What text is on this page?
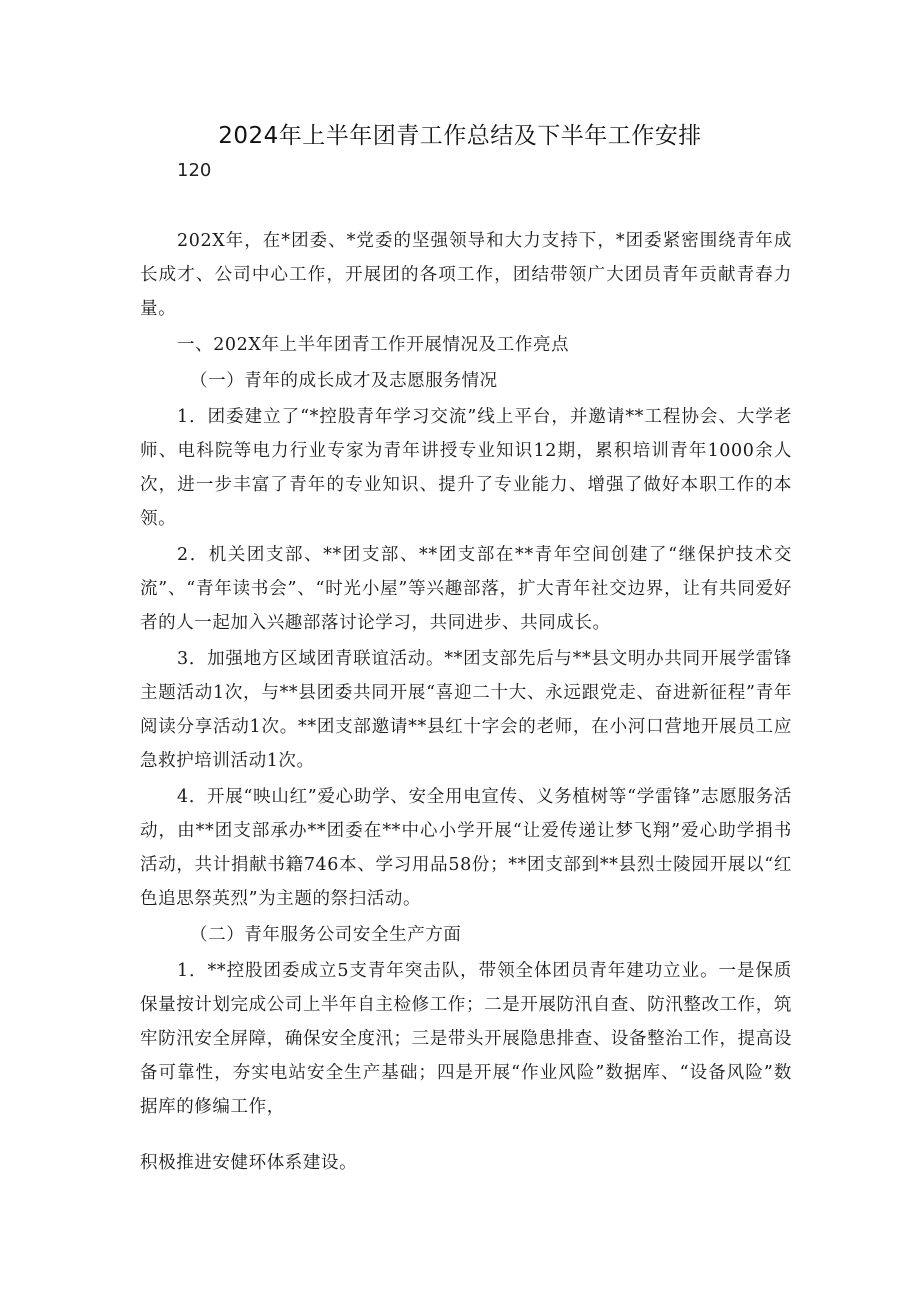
2024年上半年团青工作总结及下半年工作安排
120

202X年，在*团委、*党委的坚强领导和大力支持下，*团委紧密围绕青年成长成才、公司中心工作，开展团的各项工作，团结带领广大团员青年贡献青春力量。

一、202X年上半年团青工作开展情况及工作亮点

（一）青年的成长成才及志愿服务情况

1．团委建立了“*控股青年学习交流”线上平台，并邀请**工程协会、大学老师、电科院等电力行业专家为青年讲授专业知识12期，累积培训青年1000余人次，进一步丰富了青年的专业知识、提升了专业能力、增强了做好本职工作的本领。

2．机关团支部、**团支部、**团支部在**青年空间创建了“继保护技术交流”、“青年读书会”、“时光小屋”等兴趣部落，扩大青年社交边界，让有共同爱好者的人一起加入兴趣部落讨论学习，共同进步、共同成长。

3．加强地方区域团青联谊活动。**团支部先后与**县文明办共同开展学雷锋主题活动1次，与**县团委共同开展“喜迎二十大、永远跟党走、奋进新征程”青年阅读分享活动1次。**团支部邀请**县红十字会的老师，在小河口营地开展员工应急救护培训活动1次。

4．开展“映山红”爱心助学、安全用电宣传、义务植树等“学雷锋”志愿服务活动，由**团支部承办**团委在**中心小学开展“让爱传递让梦飞翔”爱心助学捐书活动，共计捐献书籍746本、学习用品58份；**团支部到**县烈士陵园开展以“红色追思祭英烈”为主题的祭扫活动。

（二）青年服务公司安全生产方面

1．**控股团委成立5支青年突击队，带领全体团员青年建功立业。一是保质保量按计划完成公司上半年自主检修工作；二是开展防汛自查、防汛整改工作，筑牢防汛安全屏障，确保安全度汛；三是带头开展隐患排查、设备整治工作，提高设备可靠性，夯实电站安全生产基础；四是开展“作业风险”数据库、“设备风险”数据库的修编工作，

积极推进安健环体系建设。
